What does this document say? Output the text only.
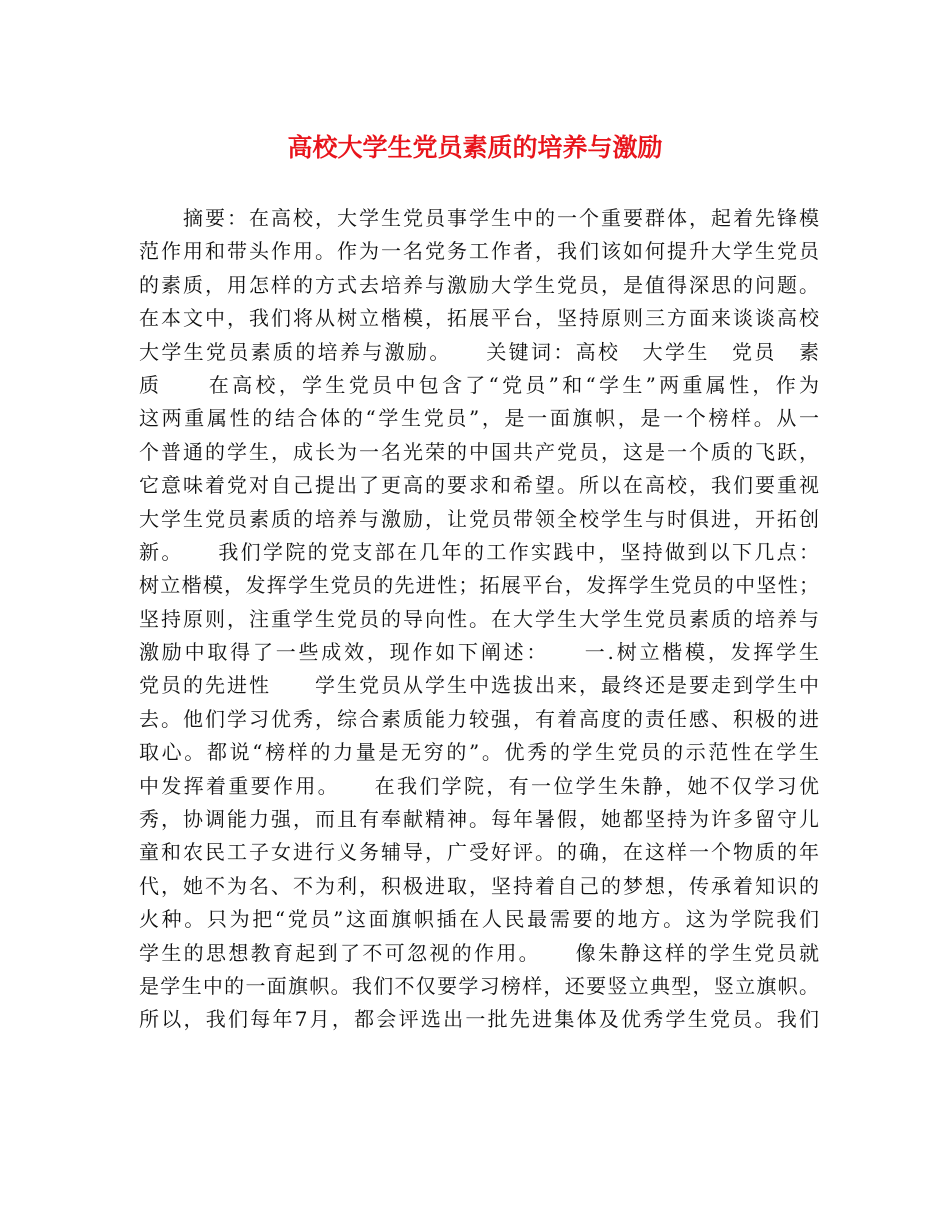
高校大学生党员素质的培养与激励
　　摘要：在高校，大学生党员事学生中的一个重要群体，起着先锋模
范作用和带头作用。作为一名党务工作者，我们该如何提升大学生党员
的素质，用怎样的方式去培养与激励大学生党员，是值得深思的问题。
在本文中，我们将从树立楷模，拓展平台，坚持原则三方面来谈谈高校
大学生党员素质的培养与激励。　　关键词：高校　大学生　党员　素
质　　在高校，学生党员中包含了“党员”和“学生”两重属性，作为
这两重属性的结合体的“学生党员”，是一面旗帜，是一个榜样。从一
个普通的学生，成长为一名光荣的中国共产党员，这是一个质的飞跃，
它意味着党对自己提出了更高的要求和希望。所以在高校，我们要重视
大学生党员素质的培养与激励，让党员带领全校学生与时俱进，开拓创
新。　　我们学院的党支部在几年的工作实践中，坚持做到以下几点：
树立楷模，发挥学生党员的先进性；拓展平台，发挥学生党员的中坚性；
坚持原则，注重学生党员的导向性。在大学生大学生党员素质的培养与
激励中取得了一些成效，现作如下阐述：　　一.树立楷模，发挥学生
党员的先进性　　学生党员从学生中选拔出来，最终还是要走到学生中
去。他们学习优秀，综合素质能力较强，有着高度的责任感、积极的进
取心。都说“榜样的力量是无穷的”。优秀的学生党员的示范性在学生
中发挥着重要作用。　　在我们学院，有一位学生朱静，她不仅学习优
秀，协调能力强，而且有奉献精神。每年暑假，她都坚持为许多留守儿
童和农民工子女进行义务辅导，广受好评。的确，在这样一个物质的年
代，她不为名、不为利，积极进取，坚持着自己的梦想，传承着知识的
火种。只为把“党员”这面旗帜插在人民最需要的地方。这为学院我们
学生的思想教育起到了不可忽视的作用。　　像朱静这样的学生党员就
是学生中的一面旗帜。我们不仅要学习榜样，还要竖立典型，竖立旗帜。
所以，我们每年7月，都会评选出一批先进集体及优秀学生党员。我们
